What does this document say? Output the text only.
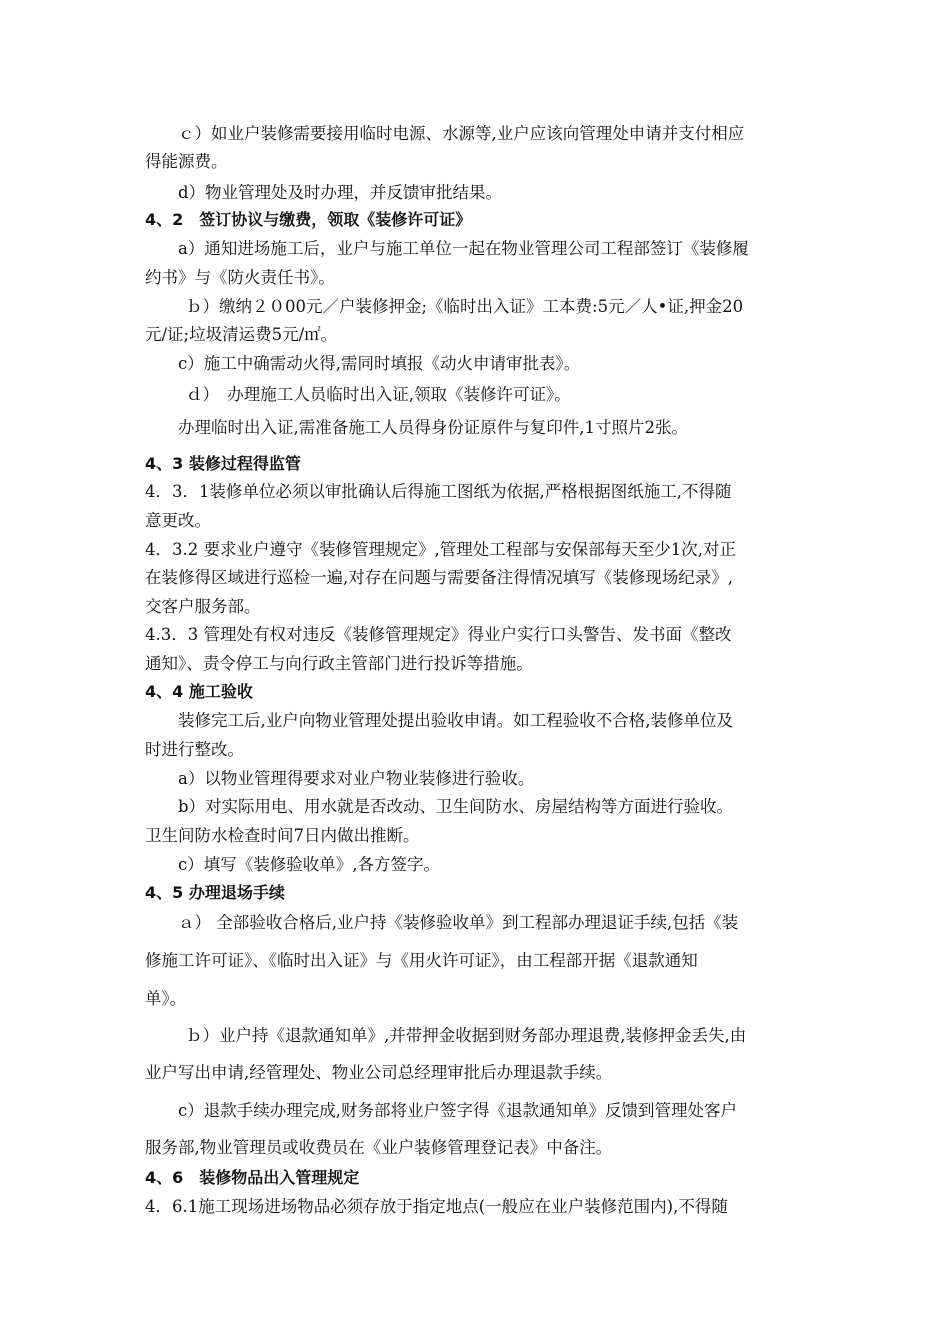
ｃ）如业户装修需要接用临时电源、水源等,业户应该向管理处申请并支付相应
得能源费。
d）物业管理处及时办理，并反馈审批结果。
4、2　签订协议与缴费，领取《装修许可证》
a）通知进场施工后，业户与施工单位一起在物业管理公司工程部签订《装修履
约书》与《防火责任书》。
ｂ）缴纳２０00元／户装修押金;《临时出入证》工本费:5元／人•证,押金20
元/证;垃圾清运费5元/㎡。
c）施工中确需动火得,需同时填报《动火申请审批表》。
ｄ）　办理施工人员临时出入证,领取《装修许可证》。
办理临时出入证,需准备施工人员得身份证原件与复印件,1寸照片2张。
4、3 装修过程得监管
4．3．1装修单位必须以审批确认后得施工图纸为依据,严格根据图纸施工,不得随
意更改。
4．3.2 要求业户遵守《装修管理规定》,管理处工程部与安保部每天至少1次,对正
在装修得区域进行巡检一遍,对存在问题与需要备注得情况填写《装修现场纪录》,
交客户服务部。
4.3．3 管理处有权对违反《装修管理规定》得业户实行口头警告、发书面《整改
通知》、责令停工与向行政主管部门进行投诉等措施。
4、4 施工验收
装修完工后,业户向物业管理处提出验收申请。如工程验收不合格,装修单位及
时进行整改。
a）以物业管理得要求对业户物业装修进行验收。
b）对实际用电、用水就是否改动、卫生间防水、房屋结构等方面进行验收。
卫生间防水检查时间7日内做出推断。
c）填写《装修验收单》,各方签字。
4、5 办理退场手续
ａ） 全部验收合格后,业户持《装修验收单》到工程部办理退证手续,包括《装
修施工许可证》、《临时出入证》与《用火许可证》，由工程部开据《退款通知
单》。
ｂ）业户持《退款通知单》,并带押金收据到财务部办理退费,装修押金丢失,由
业户写出申请,经管理处、物业公司总经理审批后办理退款手续。
c）退款手续办理完成,财务部将业户签字得《退款通知单》反馈到管理处客户
服务部,物业管理员或收费员在《业户装修管理登记表》中备注。
4、6　装修物品出入管理规定
4．6.1施工现场进场物品必须存放于指定地点(一般应在业户装修范围内),不得随
